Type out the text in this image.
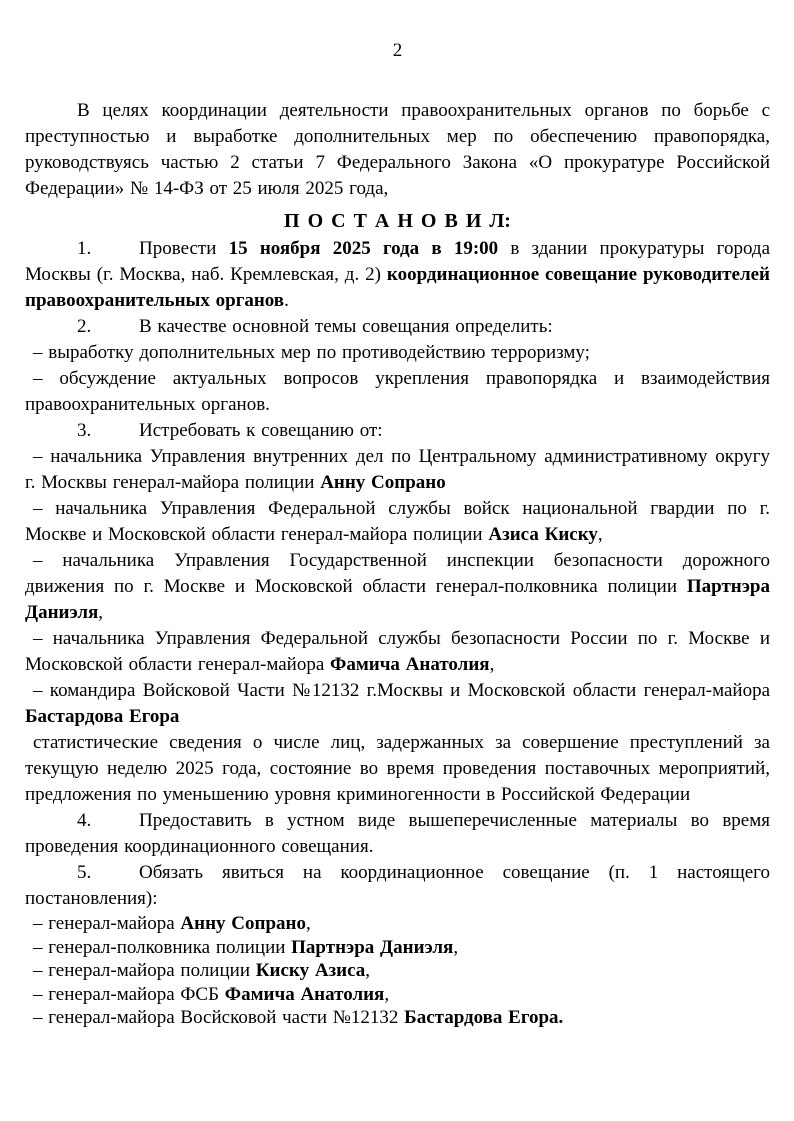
2

В целях координации деятельности правоохранительных органов по борьбе с преступностью и выработке дополнительных мер по обеспечению правопорядка, руководствуясь частью 2 статьи 7 Федерального Закона «О прокуратуре Российской Федерации» № 14-ФЗ от 25 июля 2025 года,

П О С Т А Н О В И Л:

1.	Провести 15 ноября 2025 года в 19:00 в здании прокуратуры города Москвы (г. Москва, наб. Кремлевская, д. 2) координационное совещание руководителей правоохранительных органов.

2.	В качестве основной темы совещания определить:

– выработку дополнительных мер по противодействию терроризму;

– обсуждение актуальных вопросов укрепления правопорядка и взаимодействия правоохранительных органов.

3.	Истребовать к совещанию от:

– начальника Управления внутренних дел по Центральному административному округу г. Москвы генерал-майора полиции Анну Сопрано

– начальника Управления Федеральной службы войск национальной гвардии по г. Москве и Московской области генерал-майора полиции Азиса Киску,

– начальника Управления Государственной инспекции безопасности дорожного движения по г. Москве и Московской области генерал-полковника полиции Партнэра Даниэля,

– начальника Управления Федеральной службы безопасности России по г. Москве и Московской области генерал-майора Фамича Анатолия,

– командира Войсковой Части №12132 г.Москвы и Московской области генерал-майора Бастардова Егора

статистические сведения о числе лиц, задержанных за совершение преступлений за текущую неделю 2025 года, состояние во время проведения поставочных мероприятий, предложения по уменьшению уровня криминогенности в Российской Федерации

4.	Предоставить в устном виде вышеперечисленные материалы во время проведения координационного совещания.

5.	Обязать явиться на координационное совещание (п. 1 настоящего постановления):

– генерал-майора Анну Сопрано,

– генерал-полковника полиции Партнэра Даниэля,

– генерал-майора полиции Киску Азиса,

– генерал-майора ФСБ Фамича Анатолия,

– генерал-майора Восйсковой части №12132 Бастардова Егора.
